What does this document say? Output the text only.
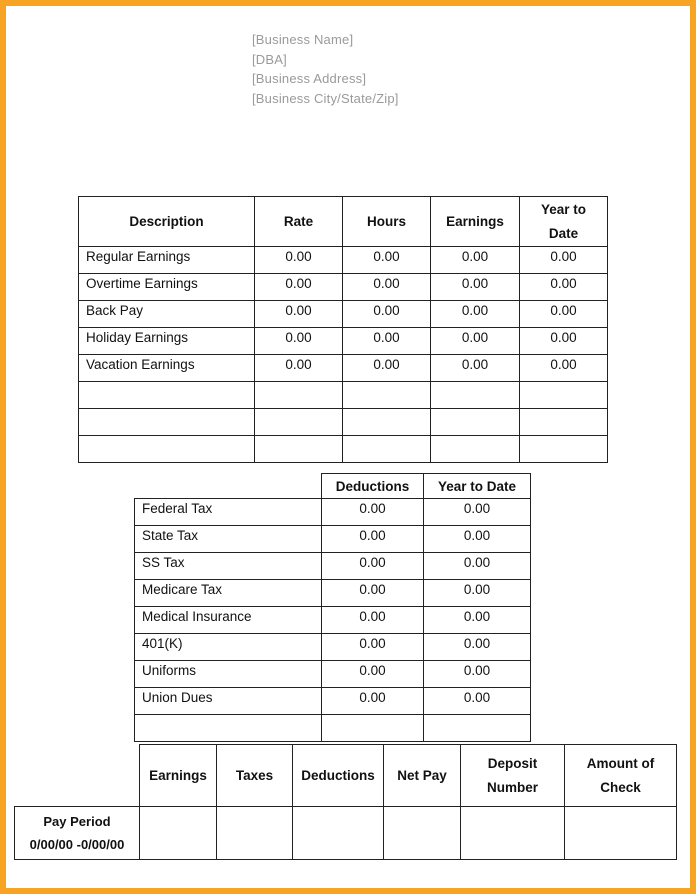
[Business Name]
[DBA]
[Business Address]
[Business City/State/Zip]
Description	Rate	Hours	Earnings	Year to Date
Regular Earnings	0.00	0.00	0.00	0.00
Overtime Earnings	0.00	0.00	0.00	0.00
Back Pay	0.00	0.00	0.00	0.00
Holiday Earnings	0.00	0.00	0.00	0.00
Vacation Earnings	0.00	0.00	0.00	0.00

	Deductions	Year to Date
Federal Tax	0.00	0.00
State Tax	0.00	0.00
SS Tax	0.00	0.00
Medicare Tax	0.00	0.00
Medical Insurance	0.00	0.00
401(K)	0.00	0.00
Uniforms	0.00	0.00
Union Dues	0.00	0.00

	Earnings	Taxes	Deductions	Net Pay	Deposit Number	Amount of Check

Pay Period
0/00/00 -0/00/00						
